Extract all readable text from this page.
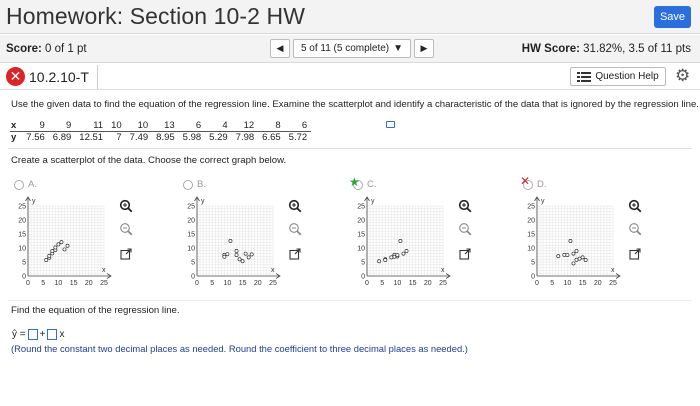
Homework: Section 10-2 HW	Save
Score: 0 of 1 pt	◀ 5 of 11 (5 complete) ▼ ▶	HW Score: 31.82%, 3.5 of 11 pts
✕ 10.2.10-T	Question Help ⚙
Use the given data to find the equation of the regression line. Examine the scatterplot and identify a characteristic of the data that is ignored by the regression line.
x	9	9	11	10	10	13	6	4	12	8	6
y	7.56	6.89	12.51	7	7.49	8.95	5.98	5.29	7.98	6.65	5.72
Create a scatterplot of the data. Choose the correct graph below.
A.
0 5 10 15 20 25
0
5
10
15
20
25
x
y
B.
0 5 10 15 20 25
0
5
10
15
20
25
x
y
★ C.
0 5 10 15 20 25
0
5
10
15
20
25
x
y
✕ D.
0 5 10 15 20 25
0
5
10
15
20
25
x
y
Find the equation of the regression line.
ŷ = + x
(Round the constant two decimal places as needed. Round the coefficient to three decimal places as needed.)
